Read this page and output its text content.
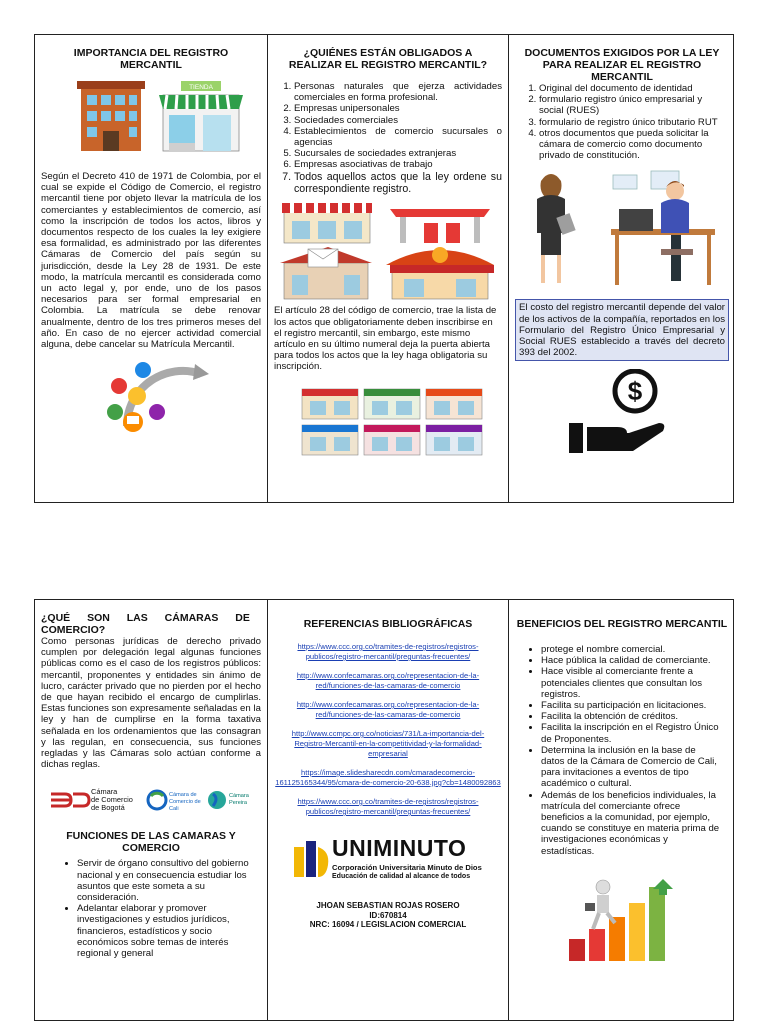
IMPORTANCIA DEL REGISTRO MERCANTIL
TIENDA

Según el Decreto 410 de 1971 de Colombia, por el cual se expide el Código de Comercio, el registro mercantil tiene por objeto llevar la matrícula de los comerciantes y establecimientos de comercio, así como la inscripción de todos los actos, libros y documentos respecto de los cuales la ley exigiere esa formalidad, es administrado por las diferentes Cámaras de Comercio del país según su jurisdicción, desde la Ley 28 de 1931. De este modo, la matrícula mercantil es considerada como un acto legal y, por ende, uno de los pasos necesarios para ser formal empresarial en Colombia. La matrícula se debe renovar anualmente, dentro de los tres primeros meses del año. En caso de no ejercer actividad comercial alguna, debe cancelar su Matrícula Mercantil.

¿QUIÉNES ESTÁN OBLIGADOS A REALIZAR EL REGISTRO MERCANTIL?
1. Personas naturales que ejerza actividades comerciales en forma profesional.
2. Empresas unipersonales
3. Sociedades comerciales
4. Establecimientos de comercio sucursales o agencias
5. Sucursales de sociedades extranjeras
6. Empresas asociativas de trabajo
7. Todos aquellos actos que la ley ordene su correspondiente registro.

El artículo 28 del código de comercio, trae la lista de los actos que obligatoriamente deben inscribirse en el registro mercantil, sin embargo, este mismo artículo en su último numeral deja la puerta abierta para todos los actos que la ley haga obligatoria su inscripción.

DOCUMENTOS EXIGIDOS POR LA LEY PARA REALIZAR EL REGISTRO MERCANTIL
1. Original del documento de identidad
2. formulario registro único empresarial y social (RUES)
3. formulario de registro único tributario RUT
4. otros documentos que pueda solicitar la cámara de comercio como documento privado de constitución.

El costo del registro mercantil depende del valor de los activos de la compañía, reportados en los Formulario del Registro Único Empresarial y Social RUES establecido a través del decreto 393 del 2002.

$
¿QUÉ SON LAS CÁMARAS DE COMERCIO?

Como personas jurídicas de derecho privado cumplen por delegación legal algunas funciones públicas como es el caso de los registros públicos: mercantil, proponentes y entidades sin ánimo de lucro, carácter privado que no pierden por el hecho de que hayan recibido el encargo de cumplirlas. Estas funciones son expresamente señaladas en la ley y han de cumplirse en la forma taxativa señalada en los ordenamientos que las consagran y las regulan, en consecuencia, sus funciones regladas y las Cámaras solo actúan conforme a dichas reglas.

Cámara
de Comercio
de Bogotá
Cámara de
Comercio de
Cali
Cámara
Pereira
FUNCIONES DE LAS CAMARAS Y COMERCIO
• Servir de órgano consultivo del gobierno nacional y en consecuencia estudiar los asuntos que este someta a su consideración.
• Adelantar elaborar y promover investigaciones y estudios jurídicos, financieros, estadísticos y socio económicos sobre temas de interés regional y general
REFERENCIAS BIBLIOGRÁFICAS
https://www.ccc.org.co/tramites-de-registros/registros-publicos/registro-mercantil/preguntas-frecuentes/
http://www.confecamaras.org.co/representacion-de-la-red/funciones-de-las-camaras-de-comercio
http://www.confecamaras.org.co/representacion-de-la-red/funciones-de-las-camaras-de-comercio
http://www.ccmpc.org.co/noticias/731/La-importancia-del-Registro-Mercantil-en-la-competitividad-y-la-formalidad-empresarial
https://image.slidesharecdn.com/cmaradecomercio-161125165344/95/cmara-de-comercio-20-638.jpg?cb=1480092863
https://www.ccc.org.co/tramites-de-registros/registros-publicos/registro-mercantil/preguntas-frecuentes/
UNIMINUTO
Corporación Universitaria Minuto de Dios
Educación de calidad al alcance de todos
JHOAN SEBASTIAN ROJAS ROSERO
ID:670814
NRC: 16094 / LEGISLACION COMERCIAL
BENEFICIOS DEL REGISTRO MERCANTIL
• protege el nombre comercial.
• Hace pública la calidad de comerciante.
• Hace visible al comerciante frente a potenciales clientes que consultan los registros.
• Facilita su participación en licitaciones.
• Facilita la obtención de créditos.
• Facilita la inscripción en el Registro Único de Proponentes.
• Determina la inclusión en la base de datos de la Cámara de Comercio de Cali, para invitaciones a eventos de tipo académico o cultural.
• Además de los beneficios individuales, la matrícula del comerciante ofrece beneficios a la comunidad, por ejemplo, cuando se constituye en materia prima de investigaciones económicas y estadísticas.
